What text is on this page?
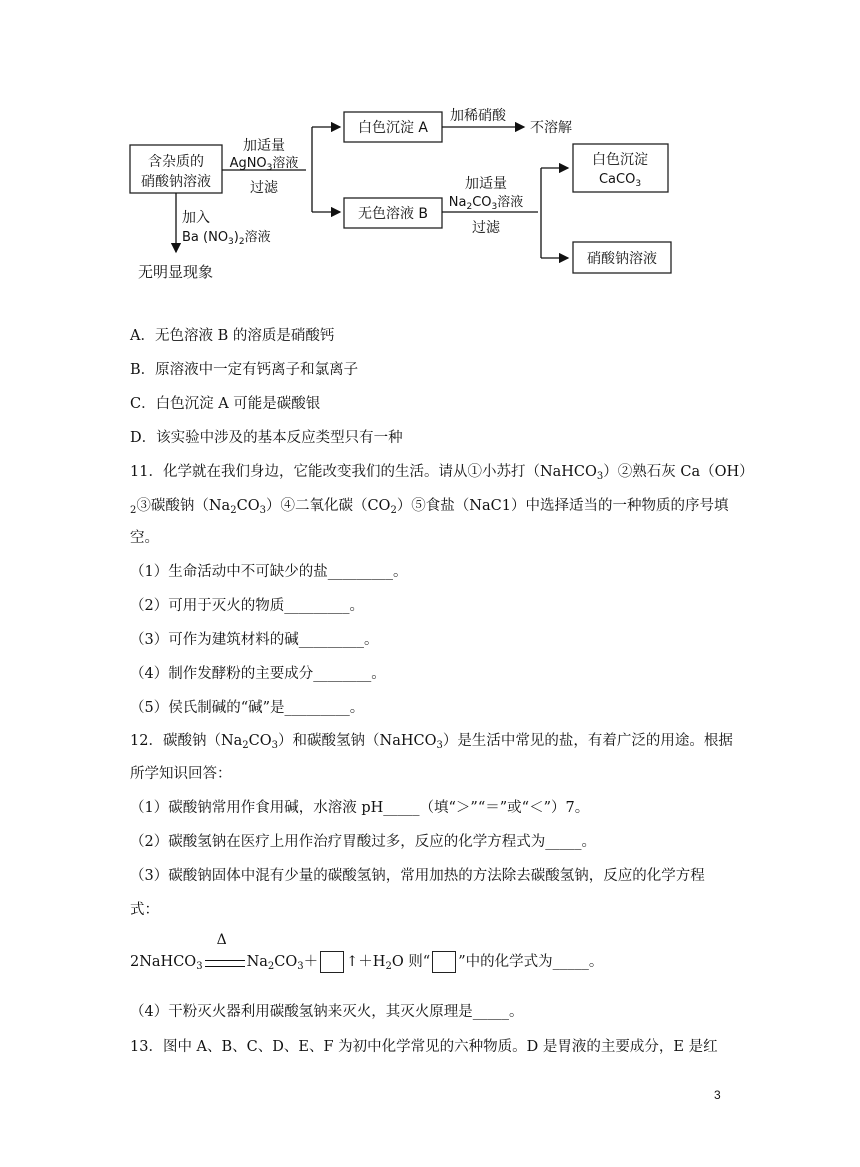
含杂质的
硝酸钠溶液
加适量
AgNO$_3$溶液
过滤
白色沉淀 A
加稀硝酸
不溶解
无色溶液 B
加适量
$Na_2CO_3$溶液
过滤
白色沉淀
CaCO$_3$
硝酸钠溶液
加入
Ba $(NO_3)_2$溶液
无明显现象
A．无色溶液 B 的溶质是硝酸钙
B．原溶液中一定有钙离子和氯离子
C．白色沉淀 A 可能是碳酸银
D．该实验中涉及的基本反应类型只有一种
11．化学就在我们身边，它能改变我们的生活。请从①小苏打（NaHCO$_3$）②熟石灰 Ca（OH）
$_2$③碳酸钠$(Na_2CO_3)④$二氧化碳$(CO_2)⑤$食盐（NaC1）中选择适当的一种物质的序号填
空。
（1）生命活动中不可缺少的盐_________。
（2）可用于灭火的物质_________。
（3）可作为建筑材料的碱_________。
（4）制作发酵粉的主要成分________。
（5）侯氏制碱的“碱”是_________。
12．碳酸钠$(Na_2CO_3)$和碳酸氢钠（NaHCO$_3$）是生活中常见的盐，有着广泛的用途。根据
所学知识回答：
（1）碳酸钠常用作食用碱，水溶液 pH_____（填“＞”“＝”或“＜”）7。
（2）碳酸氢钠在医疗上用作治疗胃酸过多，反应的化学方程式为_____。
（3）碳酸钠固体中混有少量的碳酸氢钠，常用加热的方法除去碳酸氢钠，反应的化学方程
式：
2NaHCO$_3$
Δ
$Na_2CO_3+$ $↑+H_2O$ 则“ ”中的化学式为_____。
（4）干粉灭火器利用碳酸氢钠来灭火，其灭火原理是_____。
13．图中 A、B、C、D、E、F 为初中化学常见的六种物质。D 是胃液的主要成分，E 是红
3
